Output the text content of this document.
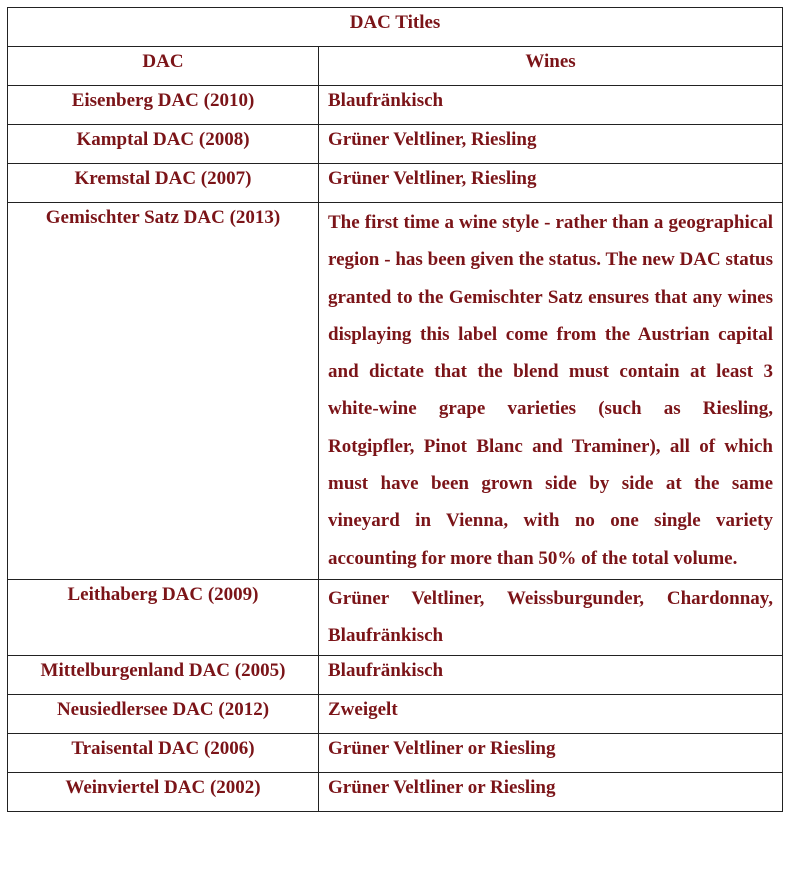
DAC Titles	
DAC	Wines
Eisenberg DAC (2010)	Blaufränkisch
Kamptal DAC (2008)	Grüner Veltliner, Riesling
Kremstal DAC (2007)	Grüner Veltliner, Riesling
Gemischter Satz DAC (2013)	The first time a wine style - rather than a geographical region - has been given the status. The new DAC status granted to the Gemischter Satz ensures that any wines displaying this label come from the Austrian capital and dictate that the blend must contain at least 3 white-wine grape varieties (such as Riesling, Rotgipfler, Pinot Blanc and Traminer), all of which must have been grown side by side at the same vineyard in Vienna, with no one single variety accounting for more than 50% of the total volume.
Leithaberg DAC (2009)	Grüner Veltliner, Weissburgunder, Chardonnay, Blaufränkisch
Mittelburgenland DAC (2005)	Blaufränkisch
Neusiedlersee DAC (2012)	Zweigelt
Traisental DAC (2006)	Grüner Veltliner or Riesling
Weinviertel DAC (2002)	Grüner Veltliner or Riesling
